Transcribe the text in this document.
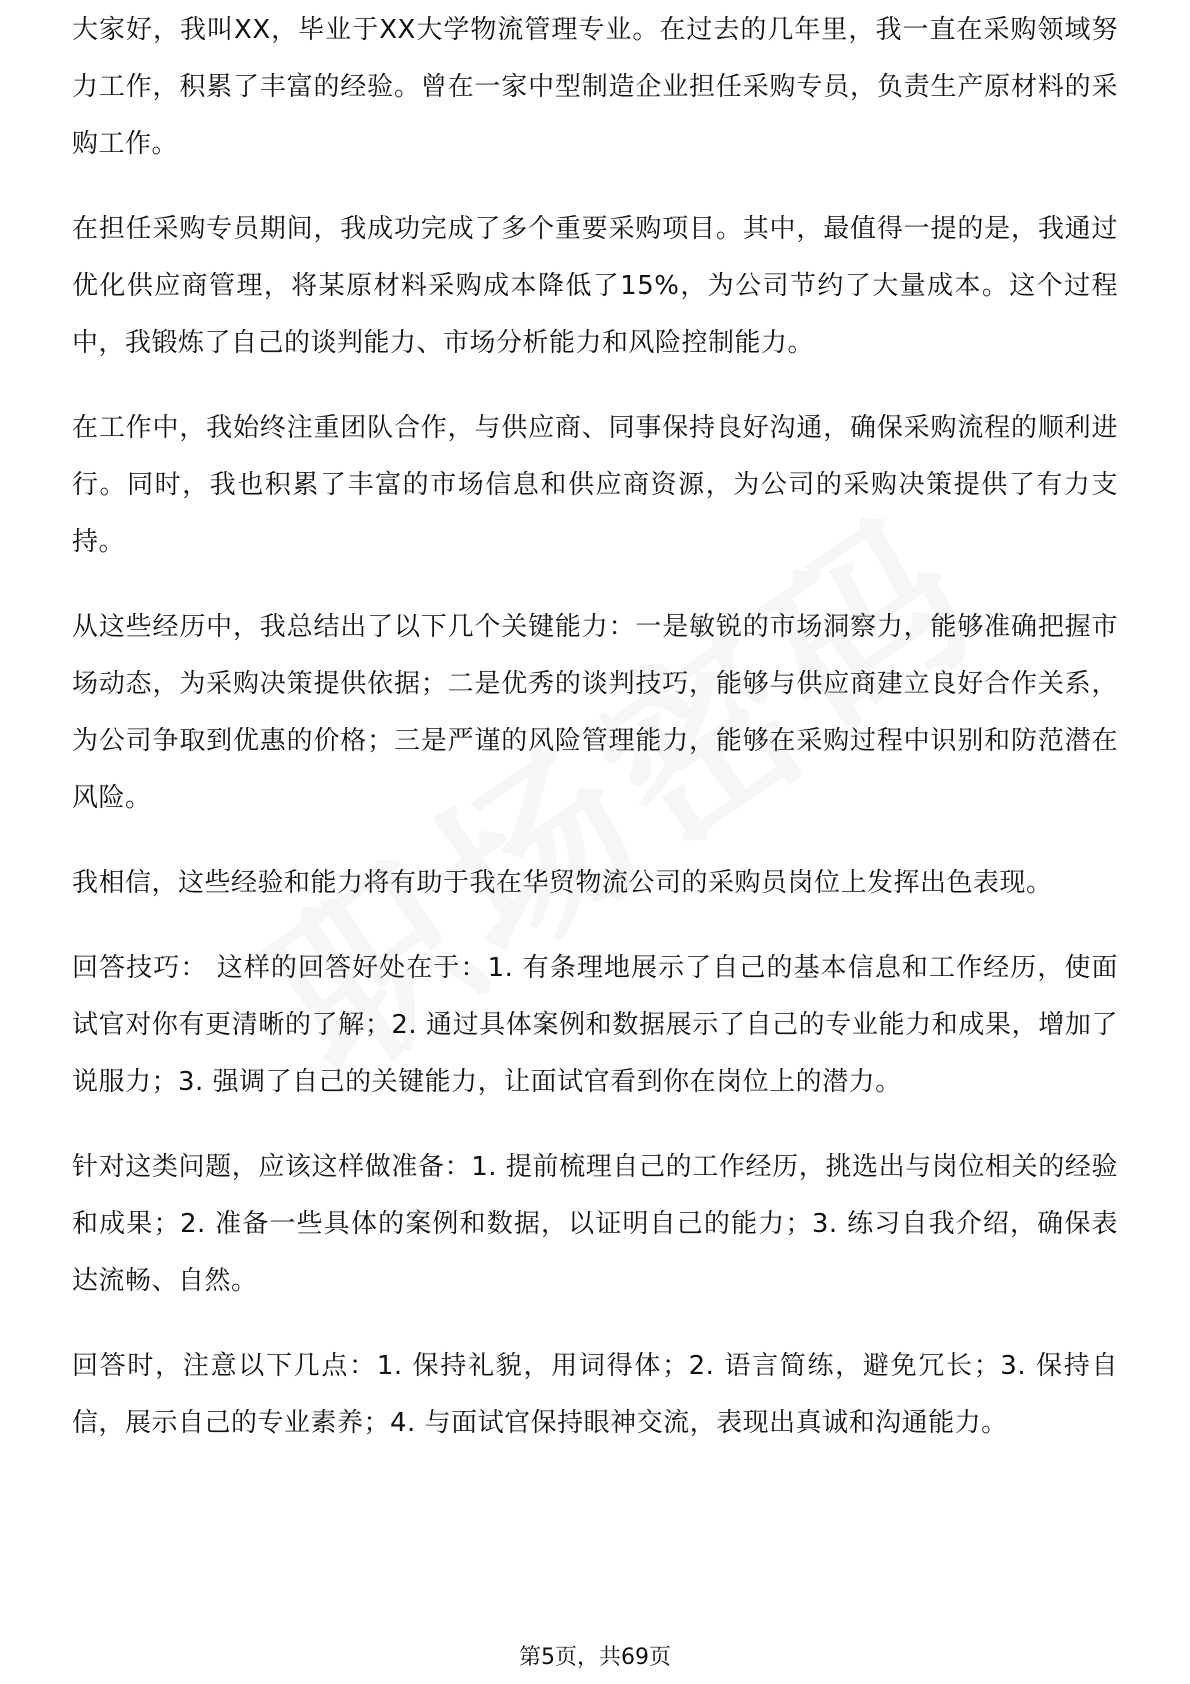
大家好，我叫XX，毕业于XX大学物流管理专业。在过去的几年里，我一直在采购领域努力工作，积累了丰富的经验。曾在一家中型制造企业担任采购专员，负责生产原材料的采购工作。

在担任采购专员期间，我成功完成了多个重要采购项目。其中，最值得一提的是，我通过优化供应商管理，将某原材料采购成本降低了15%，为公司节约了大量成本。这个过程中，我锻炼了自己的谈判能力、市场分析能力和风险控制能力。

在工作中，我始终注重团队合作，与供应商、同事保持良好沟通，确保采购流程的顺利进行。同时，我也积累了丰富的市场信息和供应商资源，为公司的采购决策提供了有力支持。

从这些经历中，我总结出了以下几个关键能力：一是敏锐的市场洞察力，能够准确把握市场动态，为采购决策提供依据；二是优秀的谈判技巧，能够与供应商建立良好合作关系，为公司争取到优惠的价格；三是严谨的风险管理能力，能够在采购过程中识别和防范潜在风险。

我相信，这些经验和能力将有助于我在华贸物流公司的采购员岗位上发挥出色表现。

回答技巧： 这样的回答好处在于：1. 有条理地展示了自己的基本信息和工作经历，使面试官对你有更清晰的了解；2. 通过具体案例和数据展示了自己的专业能力和成果，增加了说服力；3. 强调了自己的关键能力，让面试官看到你在岗位上的潜力。

针对这类问题，应该这样做准备：1. 提前梳理自己的工作经历，挑选出与岗位相关的经验和成果；2. 准备一些具体的案例和数据，以证明自己的能力；3. 练习自我介绍，确保表达流畅、自然。

回答时，注意以下几点：1. 保持礼貌，用词得体；2. 语言简练，避免冗长；3. 保持自信，展示自己的专业素养；4. 与面试官保持眼神交流，表现出真诚和沟通能力。

第5页，共69页
